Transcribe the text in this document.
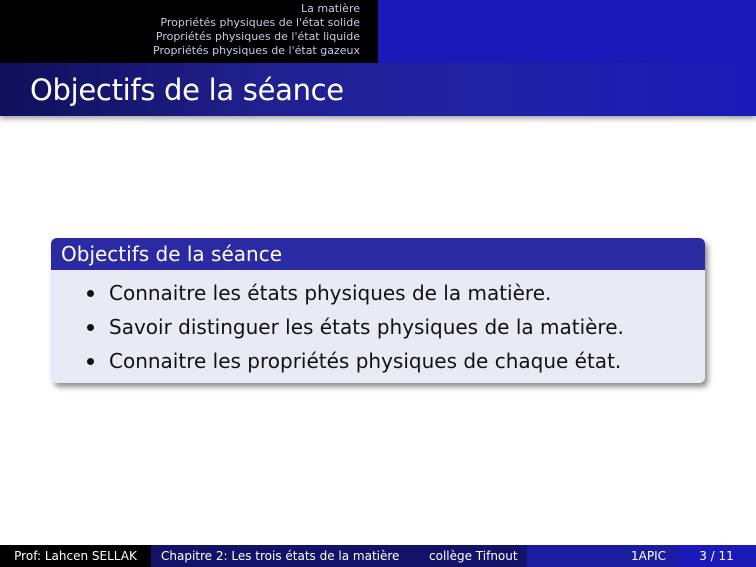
La matière
Propriétés physiques de l'état solide
Propriétés physiques de l'état liquide
Propriétés physiques de l'état gazeux
Objectifs de la séance
Objectifs de la séance
Connaitre les états physiques de la matière.
Savoir distinguer les états physiques de la matière.
Connaitre les propriétés physiques de chaque état.
Prof: Lahcen SELLAK	Chapitre 2: Les trois états de la matière	collège Tifnout	1APIC	3 / 11
